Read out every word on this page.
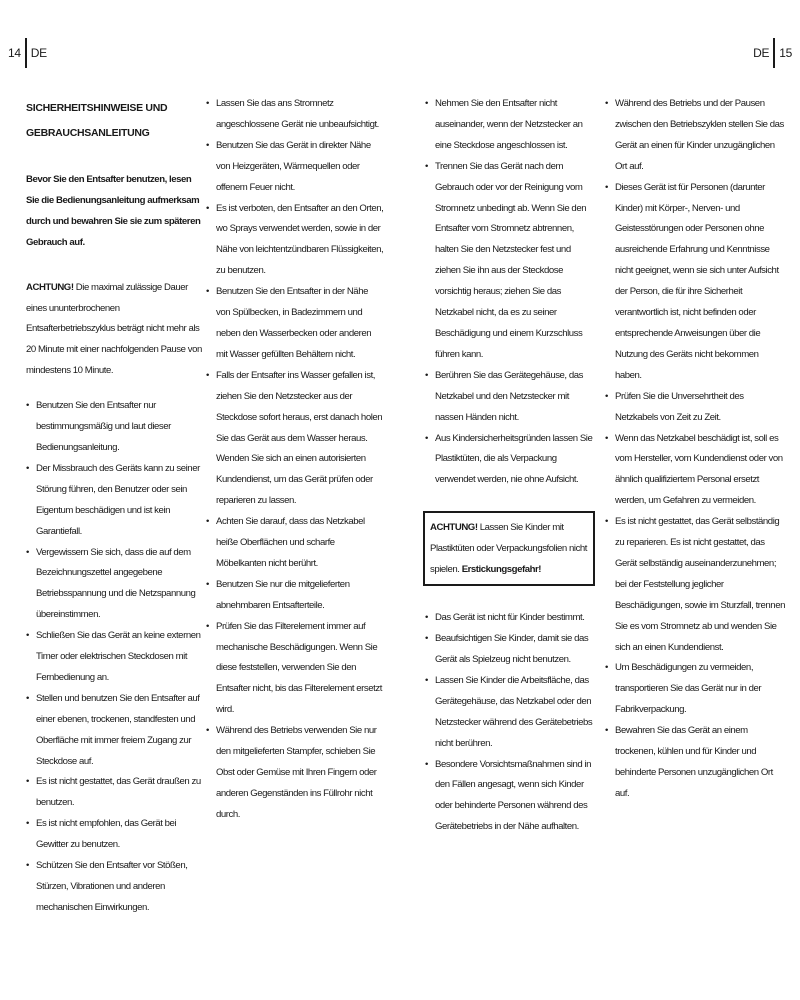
14 DE	DE 15
SICHERHEITSHINWEISE UND
GEBRAUCHSANLEITUNG

Bevor Sie den Entsafter benutzen, lesen Sie die Bedienungsanleitung aufmerksam durch und bewahren Sie sie zum späteren Gebrauch auf.

ACHTUNG! Die maximal zulässige Dauer eines ununterbrochenen Entsafterbetriebszyklus beträgt nicht mehr als 20 Minute mit einer nachfolgenden Pause von mindestens 10 Minute.

• Benutzen Sie den Entsafter nur bestimmungsmäßig und laut dieser Bedienungsanleitung.
• Der Missbrauch des Geräts kann zu seiner Störung führen, den Benutzer oder sein Eigentum beschädigen und ist kein Garantiefall.
• Vergewissern Sie sich, dass die auf dem Bezeichnungszettel angegebene Betriebsspannung und die Netzspannung übereinstimmen.
• Schließen Sie das Gerät an keine externen Timer oder elektrischen Steckdosen mit Fernbedienung an.
• Stellen und benutzen Sie den Entsafter auf einer ebenen, trockenen, standfesten und Oberfläche mit immer freiem Zugang zur Steckdose auf.
• Es ist nicht gestattet, das Gerät draußen zu benutzen.
• Es ist nicht empfohlen, das Gerät bei Gewitter zu benutzen.
• Schützen Sie den Entsafter vor Stößen, Stürzen, Vibrationen und anderen mechanischen Einwirkungen.
• Lassen Sie das ans Stromnetz angeschlossene Gerät nie unbeaufsichtigt.
• Benutzen Sie das Gerät in direkter Nähe von Heizgeräten, Wärmequellen oder offenem Feuer nicht.
• Es ist verboten, den Entsafter an den Orten, wo Sprays verwendet werden, sowie in der Nähe von leichtentzündbaren Flüssigkeiten, zu benutzen.
• Benutzen Sie den Entsafter in der Nähe von Spülbecken, in Badezimmern und neben den Wasserbecken oder anderen mit Wasser gefüllten Behältern nicht.
• Falls der Entsafter ins Wasser gefallen ist, ziehen Sie den Netzstecker aus der Steckdose sofort heraus, erst danach holen Sie das Gerät aus dem Wasser heraus. Wenden Sie sich an einen autorisierten Kundendienst, um das Gerät prüfen oder reparieren zu lassen.
• Achten Sie darauf, dass das Netzkabel heiße Oberflächen und scharfe Möbelkanten nicht berührt.
• Benutzen Sie nur die mitgelieferten abnehmbaren Entsafterteile.
• Prüfen Sie das Filterelement immer auf mechanische Beschädigungen. Wenn Sie diese feststellen, verwenden Sie den Entsafter nicht, bis das Filterelement ersetzt wird.
• Während des Betriebs verwenden Sie nur den mitgelieferten Stampfer, schieben Sie Obst oder Gemüse mit Ihren Fingern oder anderen Gegenständen ins Füllrohr nicht durch.
• Nehmen Sie den Entsafter nicht auseinander, wenn der Netzstecker an eine Steckdose angeschlossen ist.
• Trennen Sie das Gerät nach dem Gebrauch oder vor der Reinigung vom Stromnetz unbedingt ab. Wenn Sie den Entsafter vom Stromnetz abtrennen, halten Sie den Netzstecker fest und ziehen Sie ihn aus der Steckdose vorsichtig heraus; ziehen Sie das Netzkabel nicht, da es zu seiner Beschädigung und einem Kurzschluss führen kann.
• Berühren Sie das Gerätegehäuse, das Netzkabel und den Netzstecker mit nassen Händen nicht.
• Aus Kindersicherheitsgründen lassen Sie Plastiktüten, die als Verpackung verwendet werden, nie ohne Aufsicht.
ACHTUNG! Lassen Sie Kinder mit Plastiktüten oder Verpackungsfolien nicht spielen. Erstickungsgefahr!
• Das Gerät ist nicht für Kinder bestimmt.
• Beaufsichtigen Sie Kinder, damit sie das Gerät als Spielzeug nicht benutzen.
• Lassen Sie Kinder die Arbeitsfläche, das Gerätegehäuse, das Netzkabel oder den Netzstecker während des Gerätebetriebs nicht berühren.
• Besondere Vorsichtsmaßnahmen sind in den Fällen angesagt, wenn sich Kinder oder behinderte Personen während des Gerätebetriebs in der Nähe aufhalten.
• Während des Betriebs und der Pausen zwischen den Betriebszyklen stellen Sie das Gerät an einen für Kinder unzugänglichen Ort auf.
• Dieses Gerät ist für Personen (darunter Kinder) mit Körper-, Nerven- und Geistesstörungen oder Personen ohne ausreichende Erfahrung und Kenntnisse nicht geeignet, wenn sie sich unter Aufsicht der Person, die für ihre Sicherheit verantwortlich ist, nicht befinden oder entsprechende Anweisungen über die Nutzung des Geräts nicht bekommen haben.
• Prüfen Sie die Unversehrtheit des Netzkabels von Zeit zu Zeit.
• Wenn das Netzkabel beschädigt ist, soll es vom Hersteller, vom Kundendienst oder von ähnlich qualifiziertem Personal ersetzt werden, um Gefahren zu vermeiden.
• Es ist nicht gestattet, das Gerät selbständig zu reparieren. Es ist nicht gestattet, das Gerät selbständig auseinanderzunehmen; bei der Feststellung jeglicher Beschädigungen, sowie im Sturzfall, trennen Sie es vom Stromnetz ab und wenden Sie sich an einen Kundendienst.
• Um Beschädigungen zu vermeiden, transportieren Sie das Gerät nur in der Fabrikverpackung.
• Bewahren Sie das Gerät an einem trockenen, kühlen und für Kinder und behinderte Personen unzugänglichen Ort auf.
